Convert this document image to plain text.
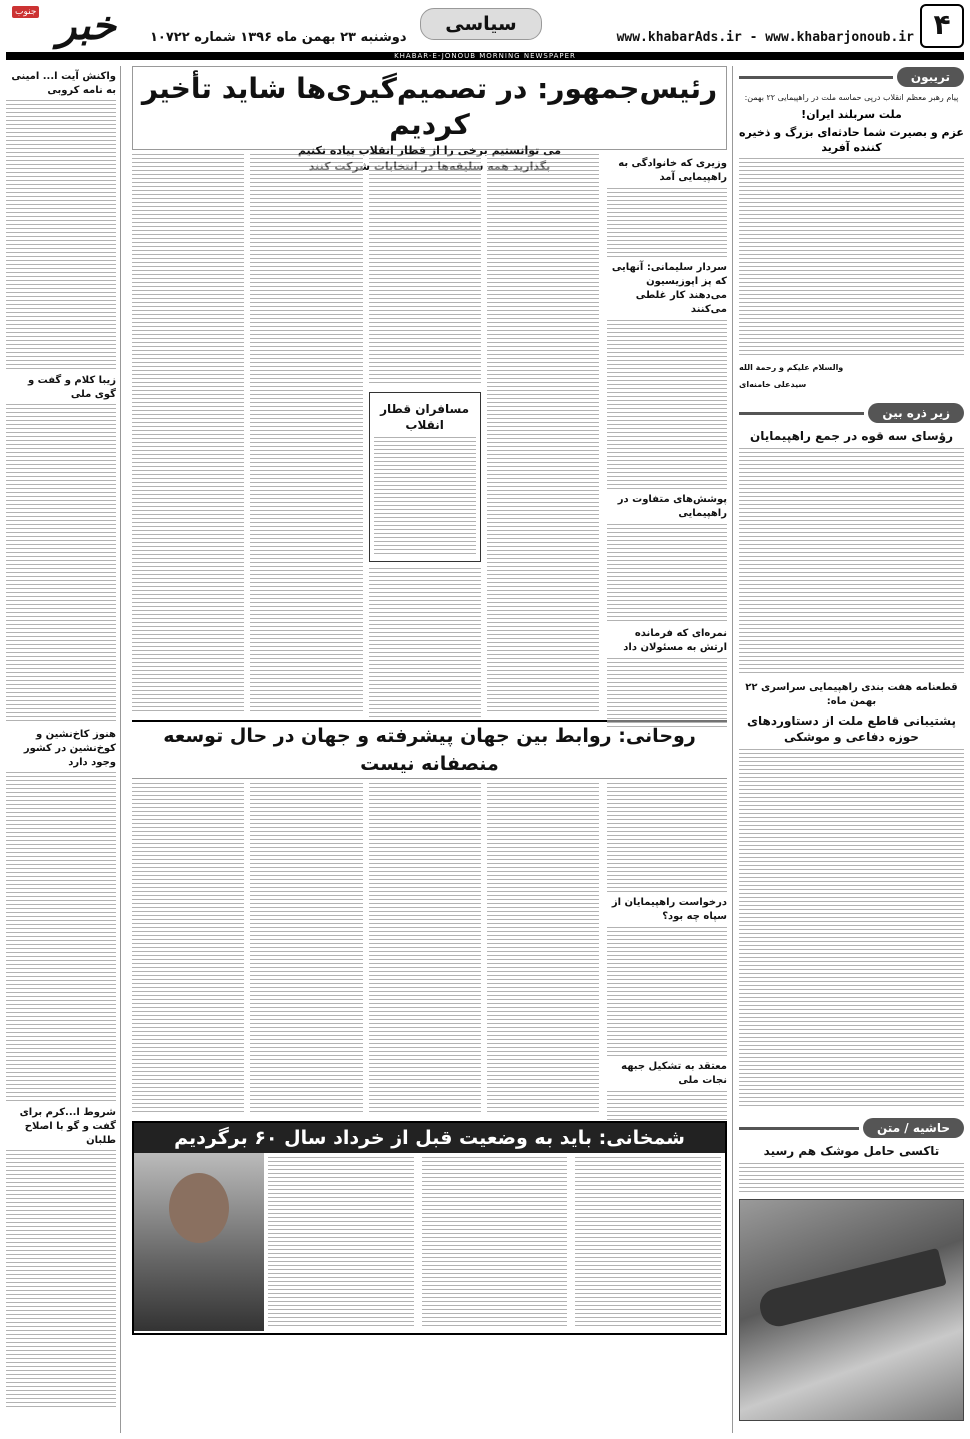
۴
www.khabarAds.ir - www.khabarjonoub.ir
سیاسی
دوشنبه ۲۳ بهمن ماه ۱۳۹۶ شماره ۱۰۷۲۲
جنوب خبر
KHABAR-E-JONOUB MORNING NEWSPAPER
تریبون

پیام رهبر معظم انقلاب درپی حماسه ملت در راهپیمایی ۲۲ بهمن:

ملت سربلند ایران!
عزم و بصیرت شما حادثه‌ای بزرگ و ذخیره کننده آفرید
والسلام علیکم و رحمة الله
سیدعلی خامنه‌ای
زیر ذره بین
رؤسای سه قوه در جمع راهپیمایان
قطعنامه هفت بندی راهپیمایی سراسری ۲۲ بهمن ماه:
پشتیبانی قاطع ملت از دستاوردهای حوزه دفاعی و موشکی
حاشیه / متن
تاکسی حامل موشک هم رسید
رئیس‌جمهور: در تصمیم‌گیری‌ها شاید تأخیر کردیم
می توانستیم برخی را از قطار انقلاب پیاده نکنیم
بگذارید همه سلیقه‌ها در انتخابات شرکت کنند	وزیری که خانوادگی به راهپیمایی آمد
سردار سلیمانی: آنهایی که پز اپوزیسیون می‌دهند کار غلطی می‌کنند
پوشش‌های متفاوت در راهپیمایی
نمره‌ای که فرمانده ارتش به مسئولان داد
مسافران قطار انقلاب
روحانی: روابط بین جهان پیشرفته و جهان در حال توسعه منصفانه نیست
درخواست راهپیمایان از سپاه چه بود؟
معتقد به تشکیل جبهه نجات ملی
شمخانی: باید به وضعیت قبل از خرداد سال ۶۰ برگردیم
واکنش آیت ا... امینی به نامه کروبی
زیبا کلام و گفت و گوی ملی
هنوز کاخ‌نشین و کوخ‌نشین در کشور وجود دارد
شروط ا...کرم برای گفت و گو با اصلاح طلبان
